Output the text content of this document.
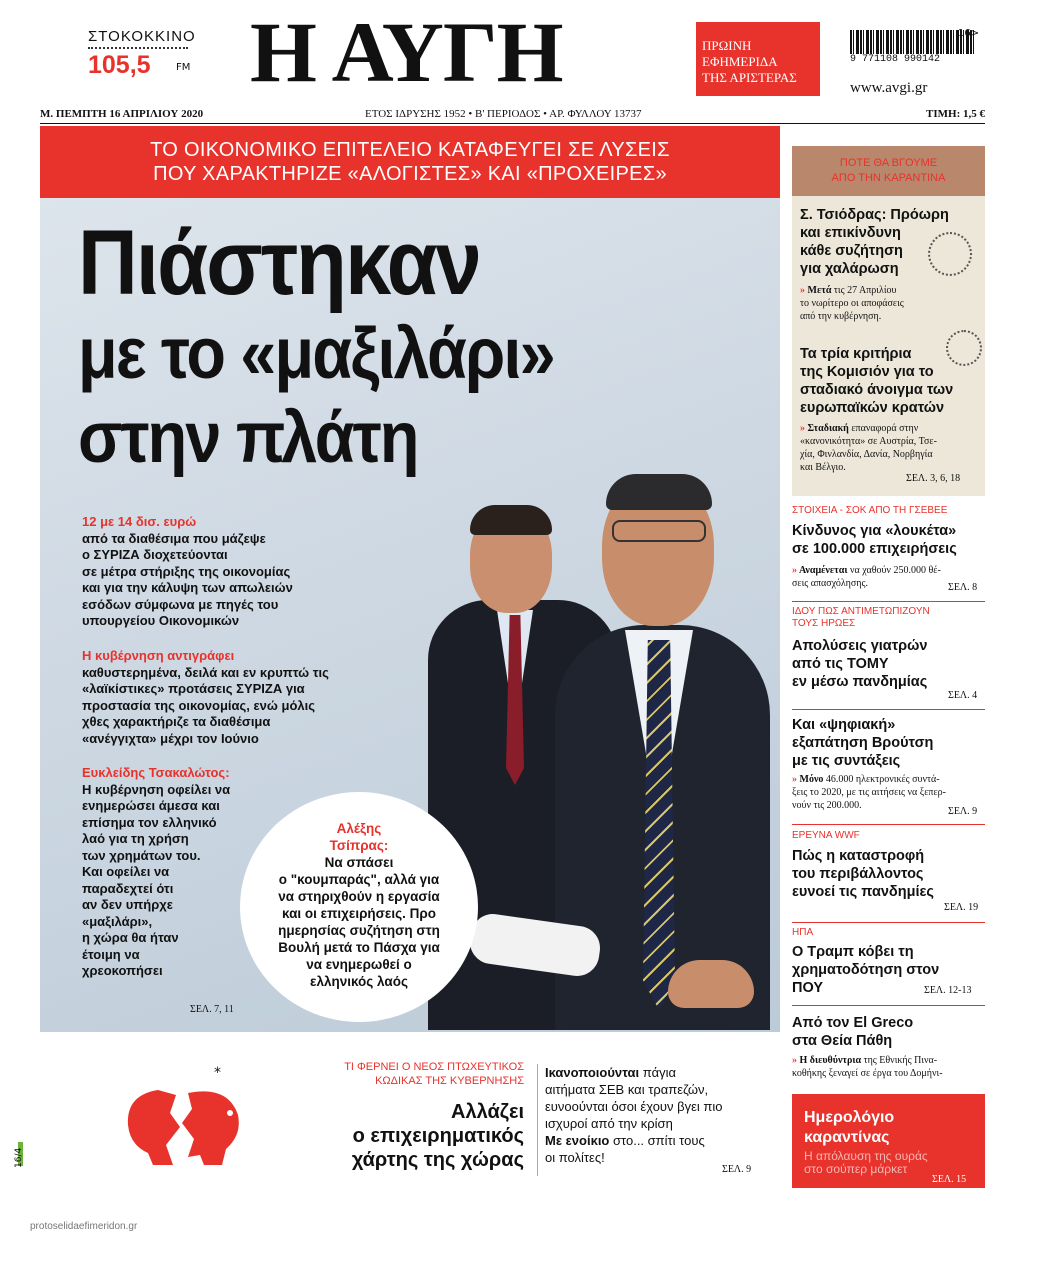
ΣΤΟΚΟΚΚΙΝΟ
105,5	FM Η ΑΥΓΗ	ΠΡΩΙΝΗ
ΕΦΗΜΕΡΙΔΑ
ΤΗΣ ΑΡΙΣΤΕΡΑΣ
16>
9 771108 990142
www.avgi.gr
Μ. ΠΕΜΠΤΗ 16 ΑΠΡΙΛΙΟΥ 2020	ΕΤΟΣ ΙΔΡΥΣΗΣ 1952 • Β' ΠΕΡΙΟΔΟΣ • ΑΡ. ΦΥΛΛΟΥ 13737	ΤΙΜΗ: 1,5 €
ΤΟ ΟΙΚΟΝΟΜΙΚΟ ΕΠΙΤΕΛΕΙΟ ΚΑΤΑΦΕΥΓΕΙ ΣΕ ΛΥΣΕΙΣ
ΠΟΥ ΧΑΡΑΚΤΗΡΙΖΕ «ΑΛΟΓΙΣΤΕΣ» ΚΑΙ «ΠΡΟΧΕΙΡΕΣ»
Πιάστηκαν
με το «μαξιλάρι»
στην πλάτη
12 με 14 δισ. ευρώ
από τα διαθέσιμα που μάζεψε
ο ΣΥΡΙΖΑ διοχετεύονται
σε μέτρα στήριξης της οικονομίας
και για την κάλυψη των απωλειών
εσόδων σύμφωνα με πηγές του
υπουργείου Οικονομικών
Η κυβέρνηση αντιγράφει
καθυστερημένα, δειλά και εν κρυπτώ τις
«λαϊκίστικες» προτάσεις ΣΥΡΙΖΑ για
προστασία της οικονομίας, ενώ μόλις
χθες χαρακτήριζε τα διαθέσιμα
«ανέγγιχτα» μέχρι τον Ιούνιο
Ευκλείδης Τσακαλώτος:
Η κυβέρνηση οφείλει να
ενημερώσει άμεσα και
επίσημα τον ελληνικό
λαό για τη χρήση
των χρημάτων του.
Και οφείλει να
παραδεχτεί ότι
αν δεν υπήρχε
«μαξιλάρι»,
η χώρα θα ήταν
έτοιμη να
χρεοκοπήσει
Αλέξης
Τσίπρας:
Να σπάσει
ο "κουμπαράς", αλλά για
να στηριχθούν η εργασία
και οι επιχειρήσεις. Προ
ημερησίας συζήτηση στη
Βουλή μετά το Πάσχα για
να ενημερωθεί ο
ελληνικός λαός
ΣΕΛ. 7, 11
ΠΟΤΕ ΘΑ ΒΓΟΥΜΕ
ΑΠΟ ΤΗΝ ΚΑΡΑΝΤΙΝΑ
Σ. Τσιόδρας: Πρόωρη
και επικίνδυνη
κάθε συζήτηση
για χαλάρωση
» Μετά τις 27 Απριλίου
το νωρίτερο οι αποφάσεις
από την κυβέρνηση.
Τα τρία κριτήρια
της Κομισιόν για το
σταδιακό άνοιγμα των
ευρωπαϊκών κρατών
» Σταδιακή επαναφορά στην
«κανονικότητα» σε Αυστρία, Τσε-
χία, Φινλανδία, Δανία, Νορβηγία
και Βέλγιο.
ΣΕΛ. 3, 6, 18
ΣΤΟΙΧΕΙΑ - ΣΟΚ ΑΠΟ ΤΗ ΓΣΕΒΕΕ
Κίνδυνος για «λουκέτα»
σε 100.000 επιχειρήσεις
» Αναμένεται να χαθούν 250.000 θέ-
σεις απασχόλησης.	ΣΕΛ. 8
ΙΔΟΥ ΠΩΣ ΑΝΤΙΜΕΤΩΠΙΖΟΥΝ
ΤΟΥΣ ΗΡΩΕΣ
Απολύσεις γιατρών
από τις ΤΟΜΥ
εν μέσω πανδημίας
ΣΕΛ. 4
Και «ψηφιακή»
εξαπάτηση Βρούτση
με τις συντάξεις
» Μόνο 46.000 ηλεκτρονικές συντά-
ξεις το 2020, με τις αιτήσεις να ξεπερ-
νούν τις 200.000.
ΣΕΛ. 9
ΕΡΕΥΝΑ WWF
Πώς η καταστροφή
του περιβάλλοντος
ευνοεί τις πανδημίες
ΣΕΛ. 19
ΗΠΑ
Ο Τραμπ κόβει τη
χρηματοδότηση στον
ΠΟΥ	ΣΕΛ. 12-13
Από τον El Greco
στα Θεία Πάθη
» Η διευθύντρια της Εθνικής Πινα-
κοθήκης ξεναγεί σε έργα του Δομήνι-
Ημερολόγιο
καραντίνας
Η απόλαυση της ουράς
στο σούπερ μάρκετ
ΣΕΛ. 15
*	ΤΙ ΦΕΡΝΕΙ Ο ΝΕΟΣ ΠΤΩΧΕΥΤΙΚΟΣ
ΚΩΔΙΚΑΣ ΤΗΣ ΚΥΒΕΡΝΗΣΗΣ
Αλλάζει
ο επιχειρηματικός
χάρτης της χώρας
Ικανοποιούνται πάγια
αιτήματα ΣΕΒ και τραπεζών,
ευνοούνται όσοι έχουν βγει πιο
ισχυροί από την κρίση
Με ενοίκιο στο... σπίτι τους
οι πολίτες!
ΣΕΛ. 9
16/4
protoselidaefimeridon.gr
